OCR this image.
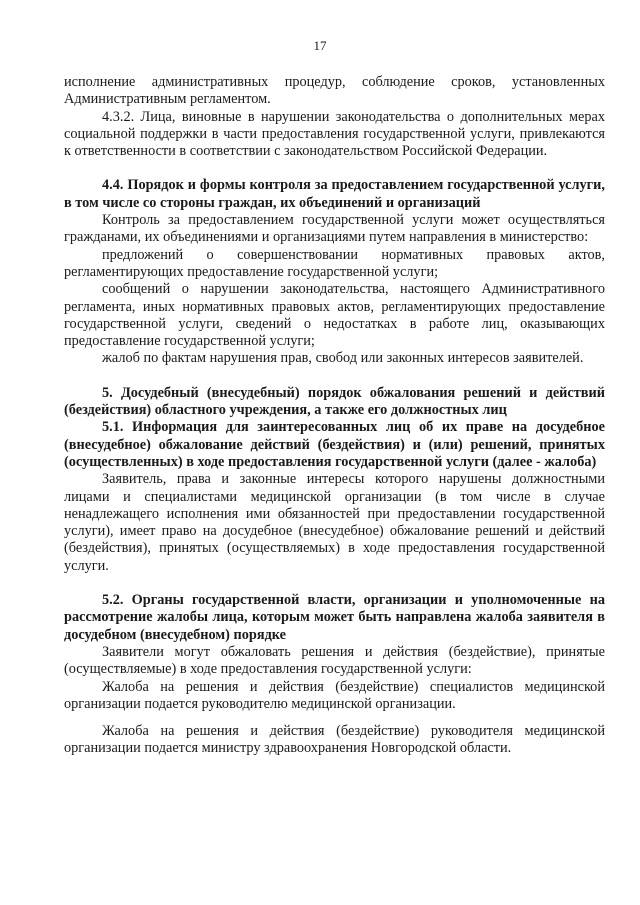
17

исполнение административных процедур, соблюдение сроков, установленных Административным регламентом.

4.3.2. Лица, виновные в нарушении законодательства о дополнительных мерах социальной поддержки в части предоставления государственной услуги, привлекаются к ответственности в соответствии с законодательством Российской Федерации.

4.4. Порядок и формы контроля за предоставлением государственной услуги, в том числе со стороны граждан, их объединений и организаций

Контроль за предоставлением государственной услуги может осуществляться гражданами, их объединениями и организациями путем направления в министерство:

предложений о совершенствовании нормативных правовых актов, регламентирующих предоставление государственной услуги;

сообщений о нарушении законодательства, настоящего Административного регламента, иных нормативных правовых актов, регламентирующих предоставление государственной услуги, сведений о недостатках в работе лиц, оказывающих предоставление государственной услуги;

жалоб по фактам нарушения прав, свобод или законных интересов заявителей.

5. Досудебный (внесудебный) порядок обжалования решений и действий (бездействия) областного учреждения, а также его должностных лиц

5.1. Информация для заинтересованных лиц об их праве на досудебное (внесудебное) обжалование действий (бездействия) и (или) решений, принятых (осуществленных) в ходе предоставления государственной услуги (далее - жалоба)

Заявитель, права и законные интересы которого нарушены должностными лицами и специалистами медицинской организации (в том числе в случае ненадлежащего исполнения ими обязанностей при предоставлении государственной услуги), имеет право на досудебное (внесудебное) обжалование решений и действий (бездействия), принятых (осуществляемых) в ходе предоставления государственной услуги.

5.2. Органы государственной власти, организации и уполномоченные на рассмотрение жалобы лица, которым может быть направлена жалоба заявителя в досудебном (внесудебном) порядке

Заявители могут обжаловать решения и действия (бездействие), принятые (осуществляемые) в ходе предоставления государственной услуги:

Жалоба на решения и действия (бездействие) специалистов медицинской организации подается руководителю медицинской организации.

Жалоба на решения и действия (бездействие) руководителя медицинской организации подается министру здравоохранения Новгородской области.
